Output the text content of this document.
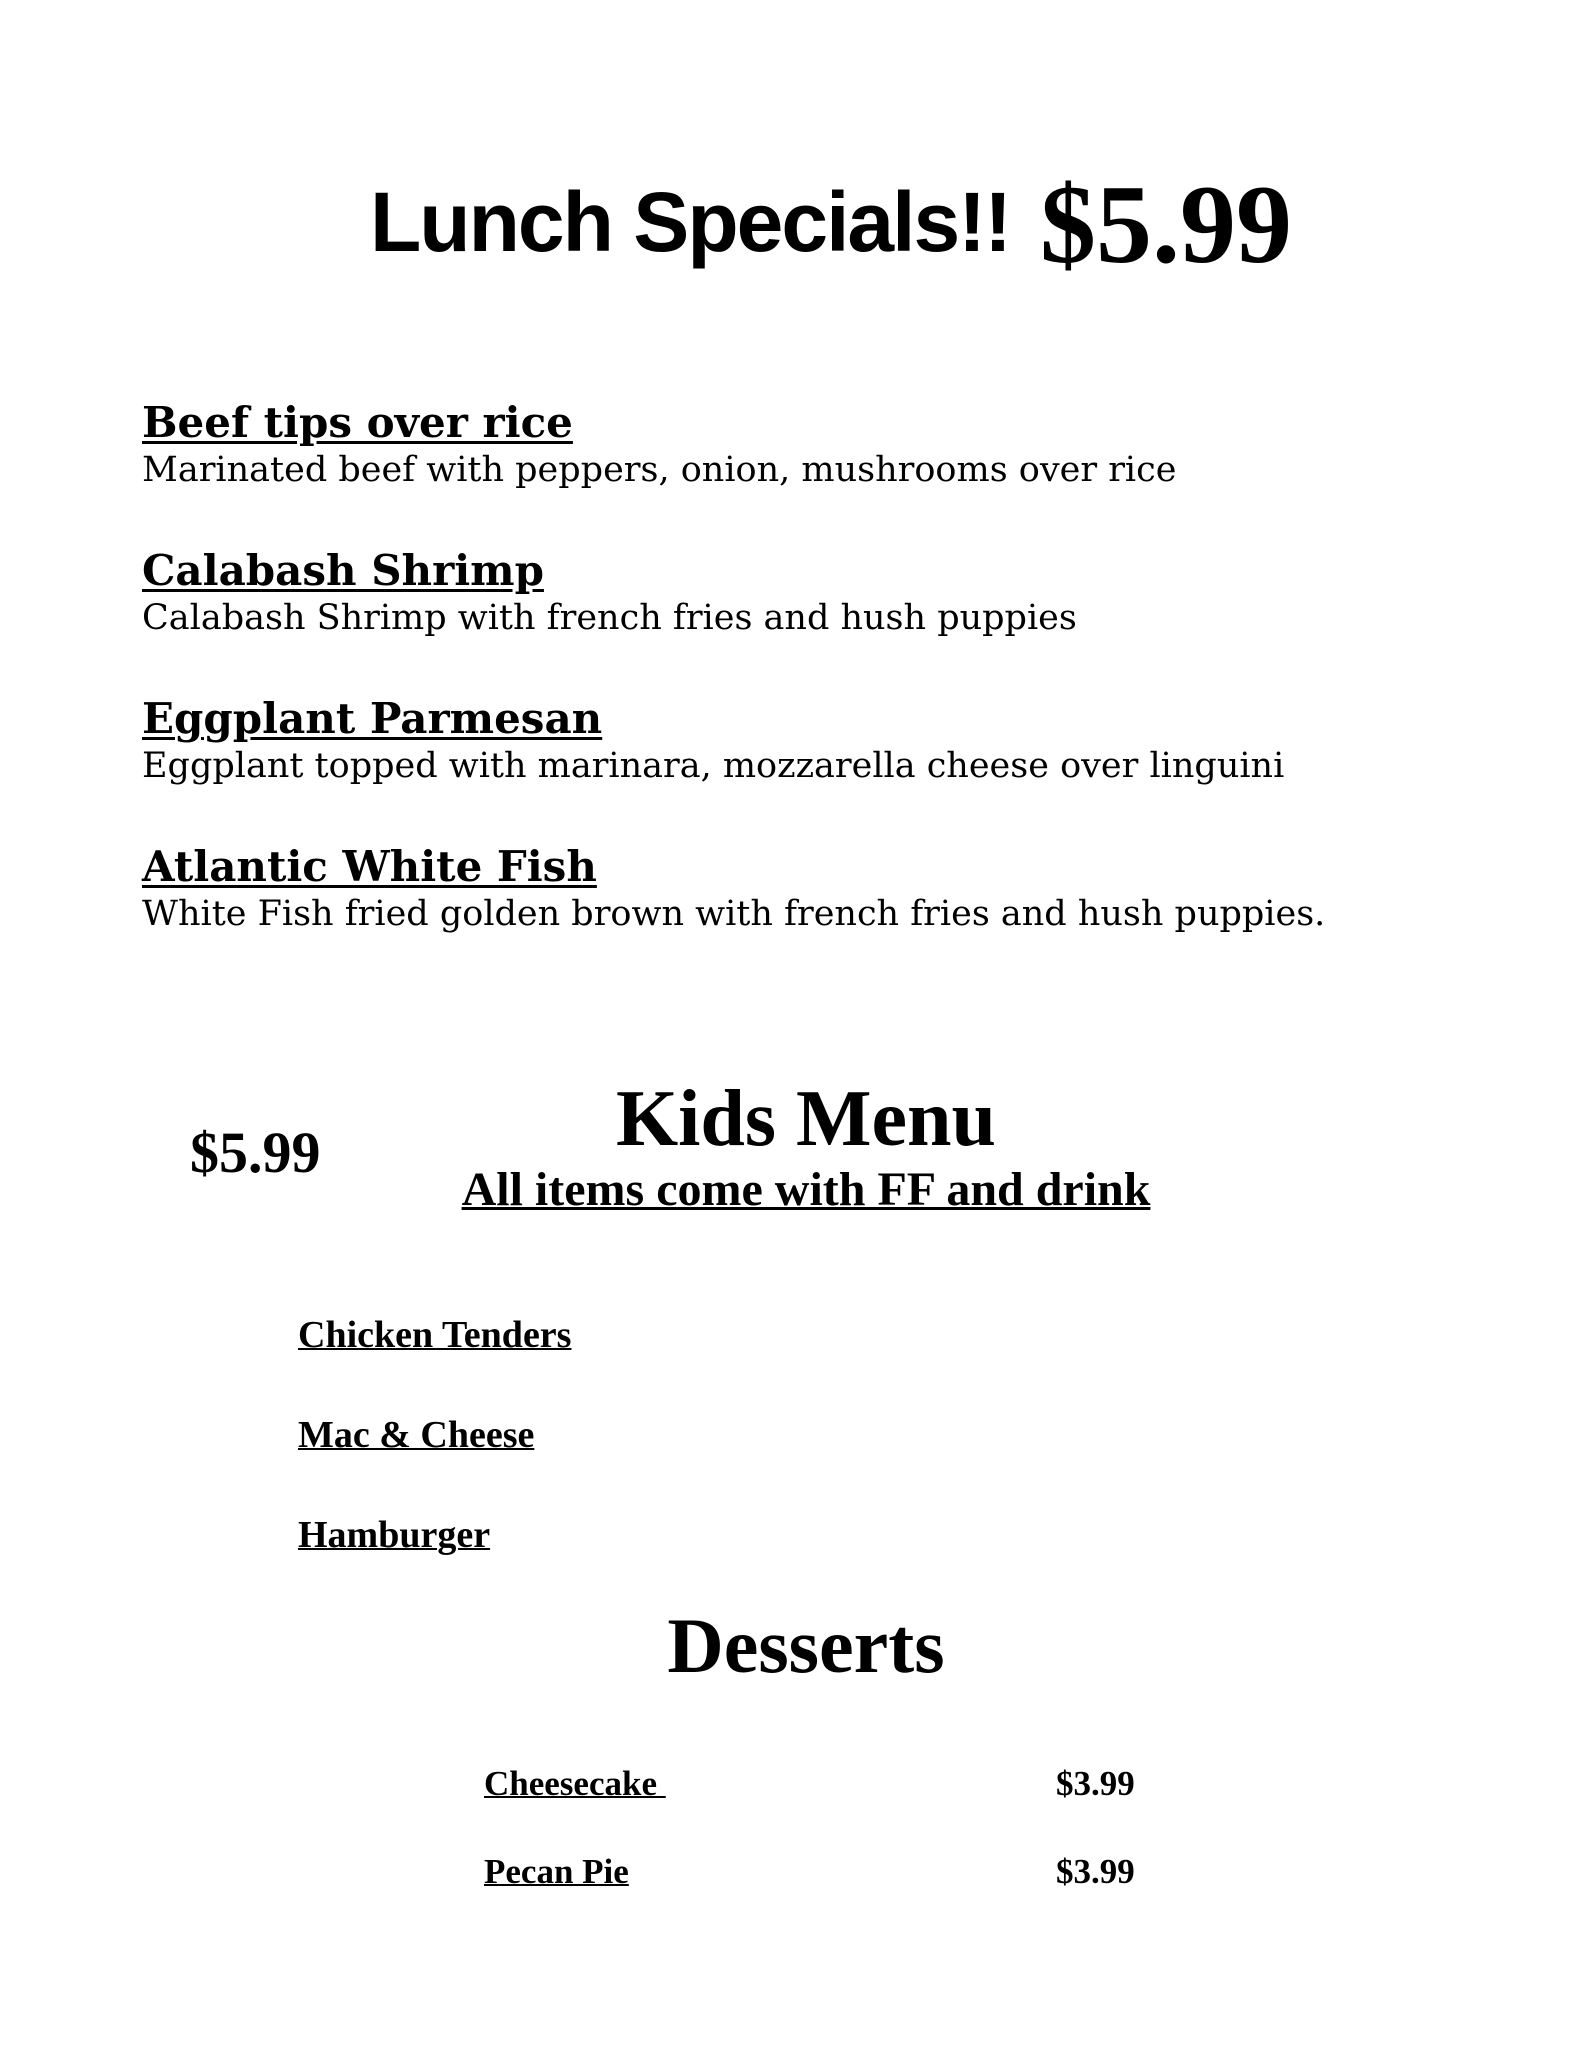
Lunch Specials!! $5.99
Beef tips over rice
Marinated beef with peppers, onion, mushrooms over rice
Calabash Shrimp
Calabash Shrimp with french fries and hush puppies
Eggplant Parmesan
Eggplant topped with marinara, mozzarella cheese over linguini
Atlantic White Fish
White Fish fried golden brown with french fries and hush puppies.
$5.99	Kids Menu
All items come with FF and drink
Chicken Tenders
Mac & Cheese
Hamburger
Desserts
Cheesecake	$3.99
Pecan Pie	$3.99
